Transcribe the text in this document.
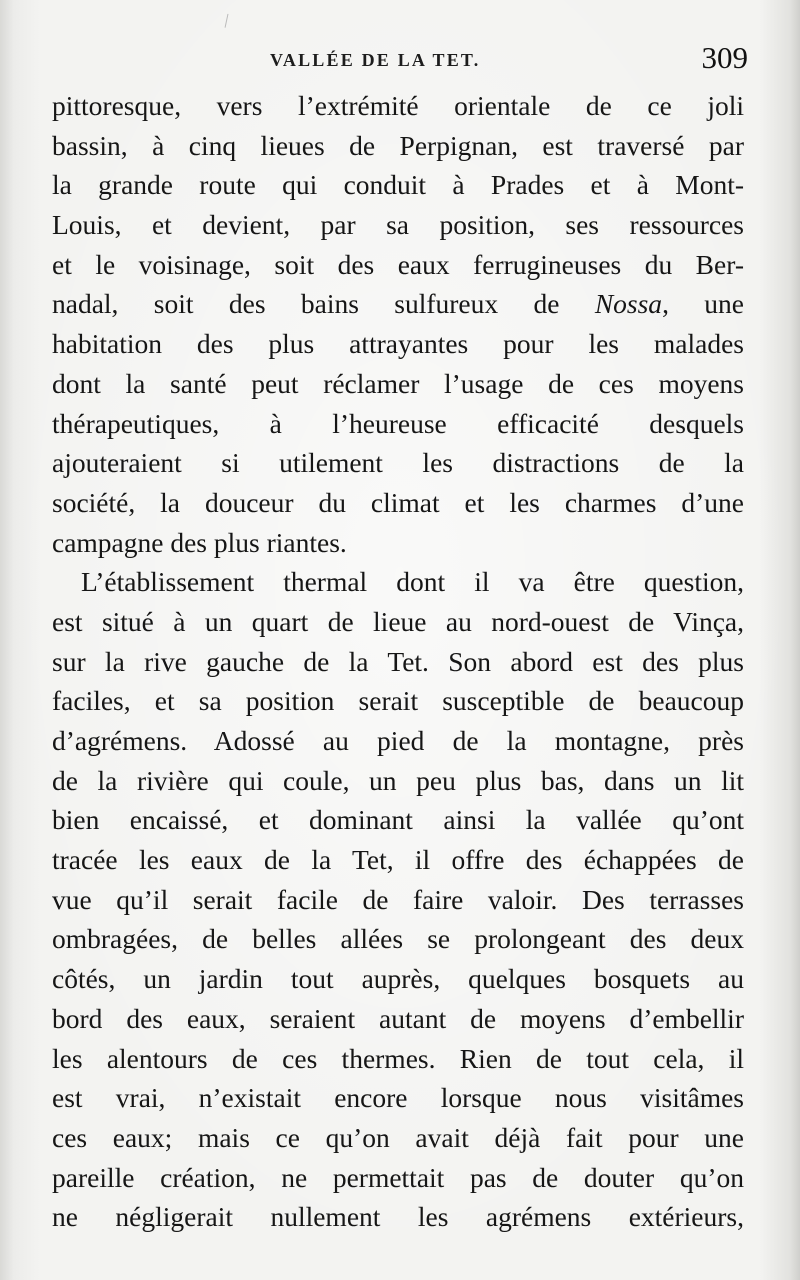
VALLÉE DE LA TET.	309
pittoresque, vers l’extrémité orientale de ce joli
bassin, à cinq lieues de Perpignan, est traversé par
la grande route qui conduit à Prades et à Mont-
Louis, et devient, par sa position, ses ressources
et le voisinage, soit des eaux ferrugineuses du Ber-
nadal, soit des bains sulfureux de Nossa, une
habitation des plus attrayantes pour les malades
dont la santé peut réclamer l’usage de ces moyens
thérapeutiques, à l’heureuse efficacité desquels
ajouteraient si utilement les distractions de la
société, la douceur du climat et les charmes d’une
campagne des plus riantes.
L’établissement thermal dont il va être question,
est situé à un quart de lieue au nord-ouest de Vinça,
sur la rive gauche de la Tet. Son abord est des plus
faciles, et sa position serait susceptible de beaucoup
d’agrémens. Adossé au pied de la montagne, près
de la rivière qui coule, un peu plus bas, dans un lit
bien encaissé, et dominant ainsi la vallée qu’ont
tracée les eaux de la Tet, il offre des échappées de
vue qu’il serait facile de faire valoir. Des terrasses
ombragées, de belles allées se prolongeant des deux
côtés, un jardin tout auprès, quelques bosquets au
bord des eaux, seraient autant de moyens d’embellir
les alentours de ces thermes. Rien de tout cela, il
est vrai, n’existait encore lorsque nous visitâmes
ces eaux; mais ce qu’on avait déjà fait pour une
pareille création, ne permettait pas de douter qu’on
ne négligerait nullement les agrémens extérieurs,
